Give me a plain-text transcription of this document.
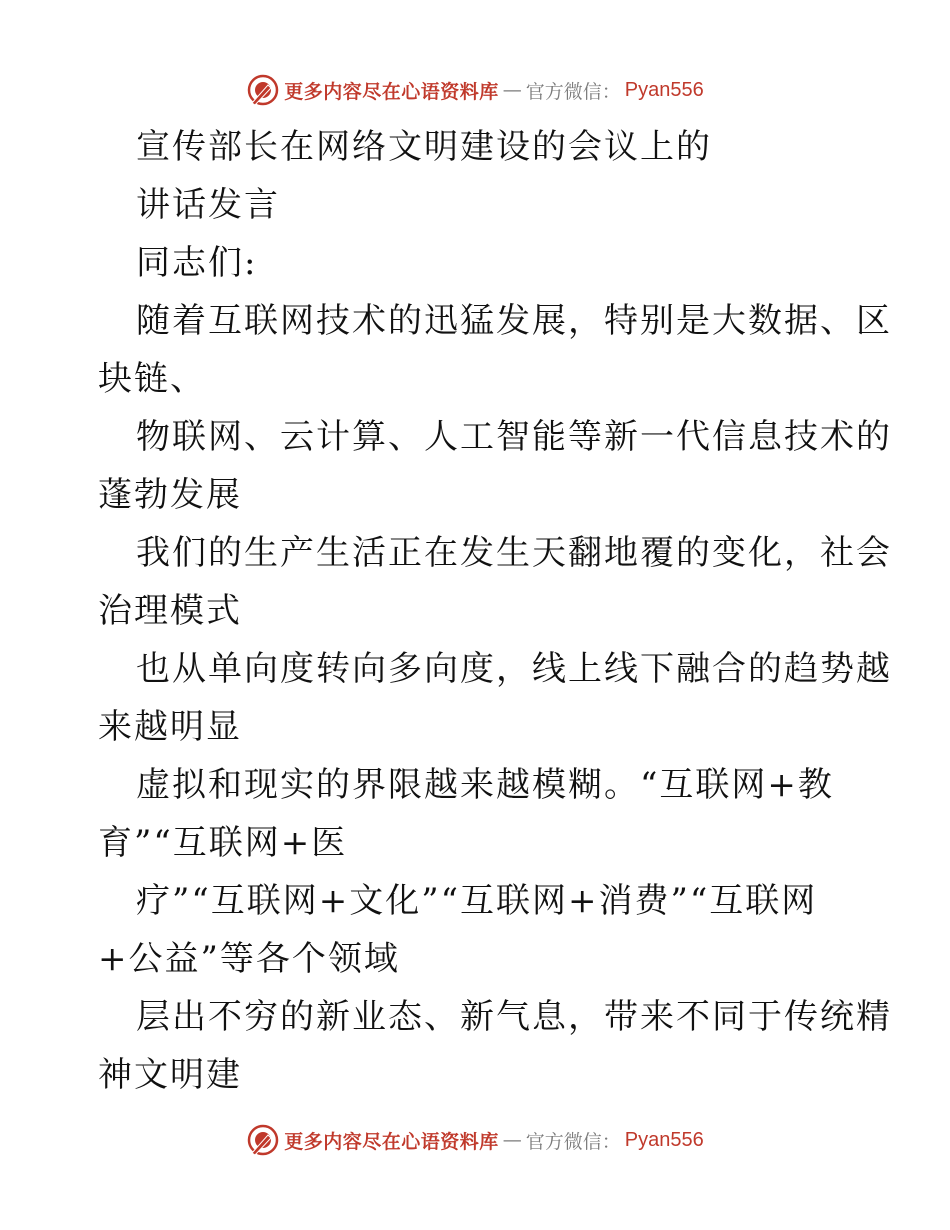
更多内容尽在心语资料库 — 官方微信： Pyan556
宣传部长在网络文明建设的会议上的
讲话发言
同志们:
随着互联网技术的迅猛发展，特别是大数据、区
块链、
物联网、云计算、人工智能等新一代信息技术的
蓬勃发展
我们的生产生活正在发生天翻地覆的变化，社会
治理模式
也从单向度转向多向度，线上线下融合的趋势越
来越明显
虚拟和现实的界限越来越模糊。“互联网+教
育”“互联网+医
疗”“互联网+文化”“互联网+消费”“互联网
+公益”等各个领域
层出不穷的新业态、新气息，带来不同于传统精
神文明建
更多内容尽在心语资料库 — 官方微信： Pyan556
